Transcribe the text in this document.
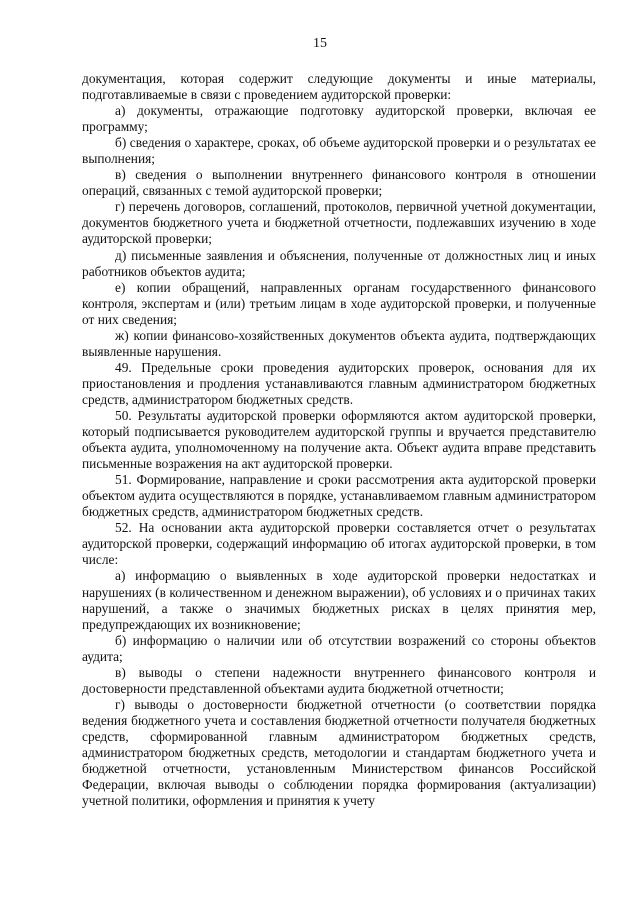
15

документация, которая содержит следующие документы и иные материалы, подготавливаемые в связи с проведением аудиторской проверки:

а) документы, отражающие подготовку аудиторской проверки, включая ее программу;

б) сведения о характере, сроках, об объеме аудиторской проверки и о результатах ее выполнения;

в) сведения о выполнении внутреннего финансового контроля в отношении операций, связанных с темой аудиторской проверки;

г) перечень договоров, соглашений, протоколов, первичной учетной документации, документов бюджетного учета и бюджетной отчетности, подлежавших изучению в ходе аудиторской проверки;

д) письменные заявления и объяснения, полученные от должностных лиц и иных работников объектов аудита;

е) копии обращений, направленных органам государственного финансового контроля, экспертам и (или) третьим лицам в ходе аудиторской проверки, и полученные от них сведения;

ж) копии финансово-хозяйственных документов объекта аудита, подтверждающих выявленные нарушения.

49. Предельные сроки проведения аудиторских проверок, основания для их приостановления и продления устанавливаются главным администратором бюджетных средств, администратором бюджетных средств.

50. Результаты аудиторской проверки оформляются актом аудиторской проверки, который подписывается руководителем аудиторской группы и вручается представителю объекта аудита, уполномоченному на получение акта. Объект аудита вправе представить письменные возражения на акт аудиторской проверки.

51. Формирование, направление и сроки рассмотрения акта аудиторской проверки объектом аудита осуществляются в порядке, устанавливаемом главным администратором бюджетных средств, администратором бюджетных средств.

52. На основании акта аудиторской проверки составляется отчет о результатах аудиторской проверки, содержащий информацию об итогах аудиторской проверки, в том числе:

а) информацию о выявленных в ходе аудиторской проверки недостатках и нарушениях (в количественном и денежном выражении), об условиях и о причинах таких нарушений, а также о значимых бюджетных рисках в целях принятия мер, предупреждающих их возникновение;

б) информацию о наличии или об отсутствии возражений со стороны объектов аудита;

в) выводы о степени надежности внутреннего финансового контроля и достоверности представленной объектами аудита бюджетной отчетности;

г) выводы о достоверности бюджетной отчетности (о соответствии порядка ведения бюджетного учета и составления бюджетной отчетности получателя бюджетных средств, сформированной главным администратором бюджетных средств, администратором бюджетных средств, методологии и стандартам бюджетного учета и бюджетной отчетности, установленным Министерством финансов Российской Федерации, включая выводы о соблюдении порядка формирования (актуализации) учетной политики, оформления и принятия к учету
